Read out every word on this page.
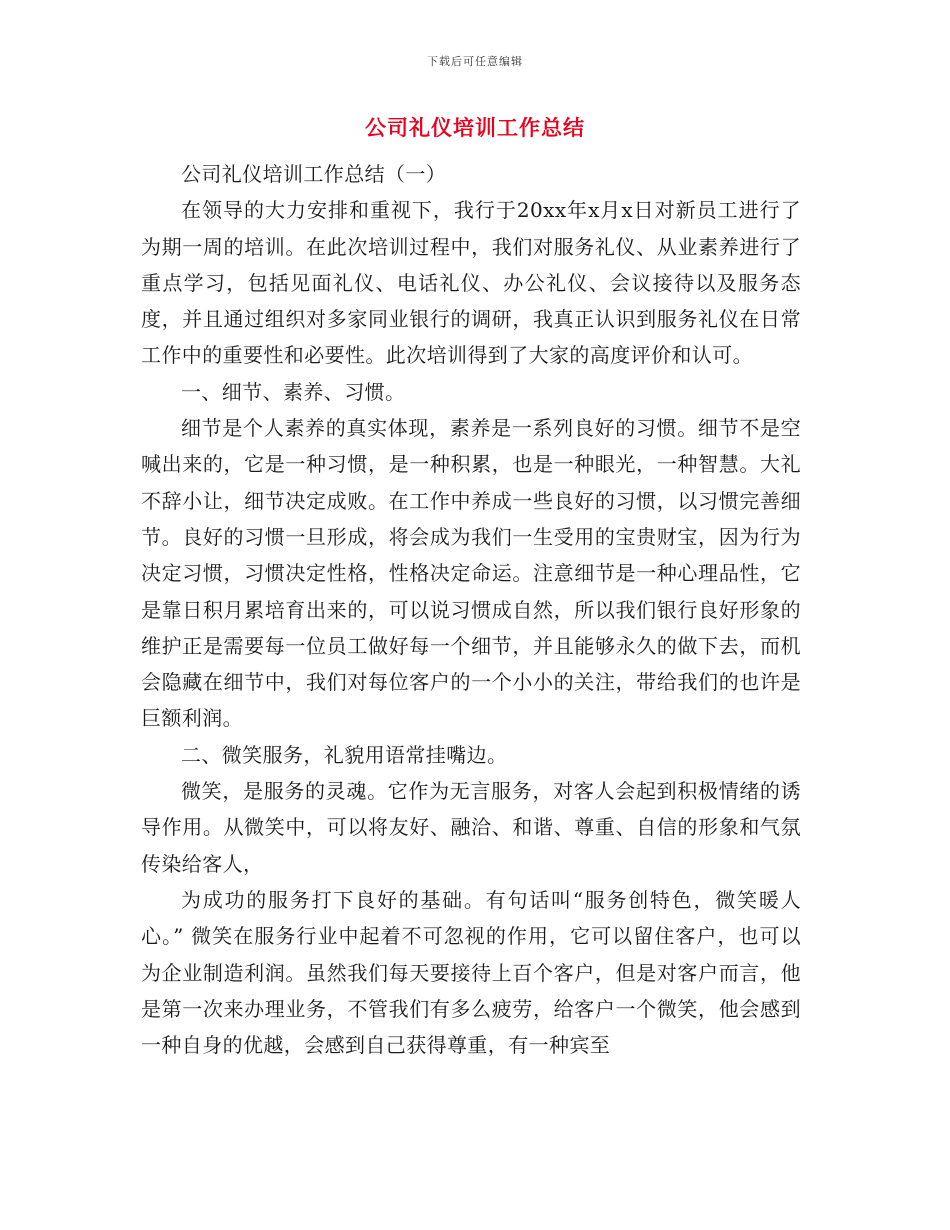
下载后可任意编辑
公司礼仪培训工作总结

公司礼仪培训工作总结（一）

在领导的大力安排和重视下，我行于20xx年x月x日对新员工进行了为期一周的培训。在此次培训过程中，我们对服务礼仪、从业素养进行了重点学习，包括见面礼仪、电话礼仪、办公礼仪、会议接待以及服务态度，并且通过组织对多家同业银行的调研，我真正认识到服务礼仪在日常工作中的重要性和必要性。此次培训得到了大家的高度评价和认可。

一、细节、素养、习惯。

细节是个人素养的真实体现，素养是一系列良好的习惯。细节不是空喊出来的，它是一种习惯，是一种积累，也是一种眼光，一种智慧。大礼不辞小让，细节决定成败。在工作中养成一些良好的习惯，以习惯完善细节。良好的习惯一旦形成，将会成为我们一生受用的宝贵财宝，因为行为决定习惯，习惯决定性格，性格决定命运。注意细节是一种心理品性，它是靠日积月累培育出来的，可以说习惯成自然，所以我们银行良好形象的维护正是需要每一位员工做好每一个细节，并且能够永久的做下去，而机会隐藏在细节中，我们对每位客户的一个小小的关注，带给我们的也许是巨额利润。

二、微笑服务，礼貌用语常挂嘴边。

微笑，是服务的灵魂。它作为无言服务，对客人会起到积极情绪的诱导作用。从微笑中，可以将友好、融洽、和谐、尊重、自信的形象和气氛传染给客人，

为成功的服务打下良好的基础。有句话叫“服务创特色，微笑暖人心。” 微笑在服务行业中起着不可忽视的作用，它可以留住客户，也可以为企业制造利润。虽然我们每天要接待上百个客户，但是对客户而言，他是第一次来办理业务，不管我们有多么疲劳，给客户一个微笑，他会感到一种自身的优越，会感到自己获得尊重，有一种宾至
